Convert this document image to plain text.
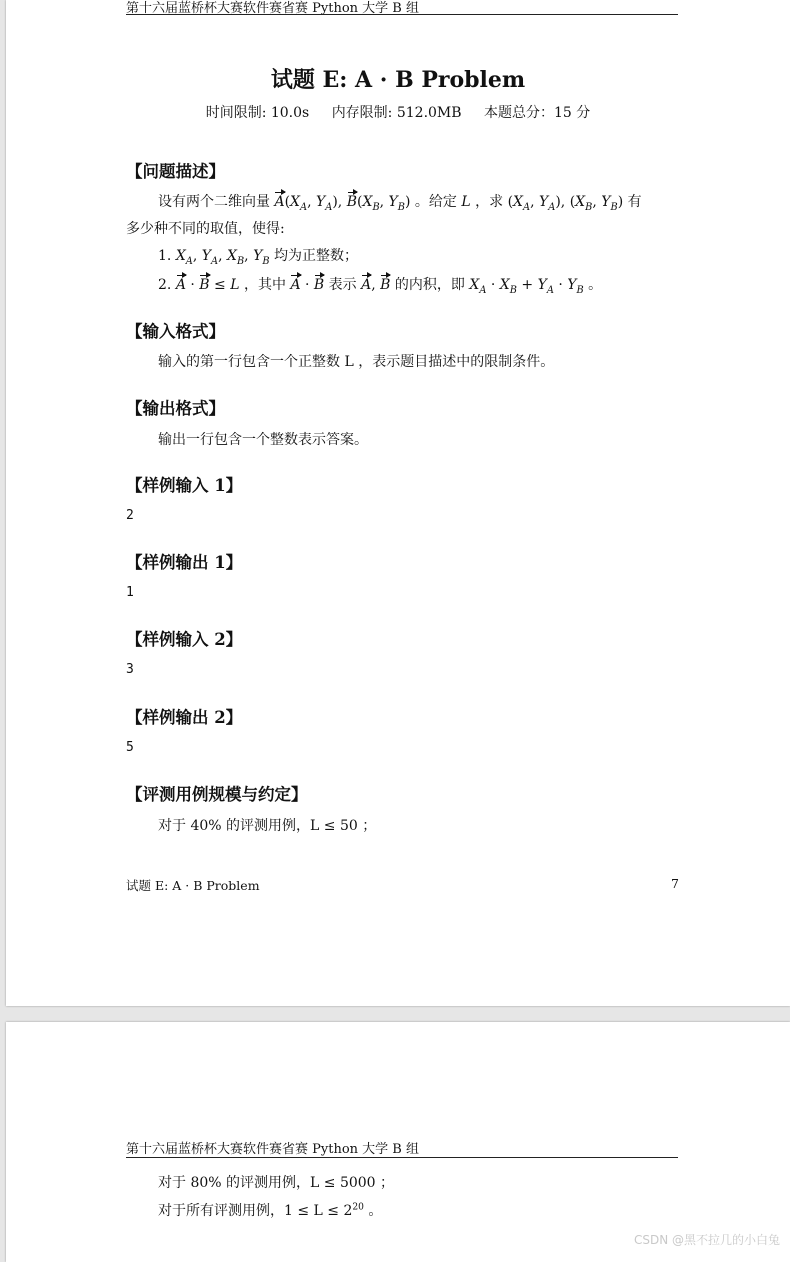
第十六届蓝桥杯大赛软件赛省赛 Python 大学 B 组
试题 E: A · B Problem
时间限制: 10.0s 内存限制: 512.0MB 本题总分：15 分
【问题描述】
设有两个二维向量 $A(X_A$, $Y_A$), $B(X_B$, $Y_B$) 。给定 L ，求 ($X_A$, $Y_A$), ($X_B$, $Y_B$) 有
多少种不同的取值，使得:
1. $X_A$, $Y_A$, $X_B$, $Y_B$ 均为正整数；
2. A · B ≤ L ，其中 A · B 表示 A, B 的内积，即 $X_A \cdot X_B + Y_A \cdot Y_B$ 。
【输入格式】
输入的第一行包含一个正整数 L ，表示题目描述中的限制条件。
【输出格式】
输出一行包含一个整数表示答案。
【样例输入 1】
2
【样例输出 1】
1
【样例输入 2】
3
【样例输出 2】
5
【评测用例规模与约定】
对于 40% 的评测用例，L ≤ 50 ；
试题 E: A · B Problem	7
第十六届蓝桥杯大赛软件赛省赛 Python 大学 B 组
对于 80% 的评测用例，L ≤ 5000 ；
对于所有评测用例，$1 \le L \le 2^{20}$ 。
CSDN @黑不拉几的小白兔
